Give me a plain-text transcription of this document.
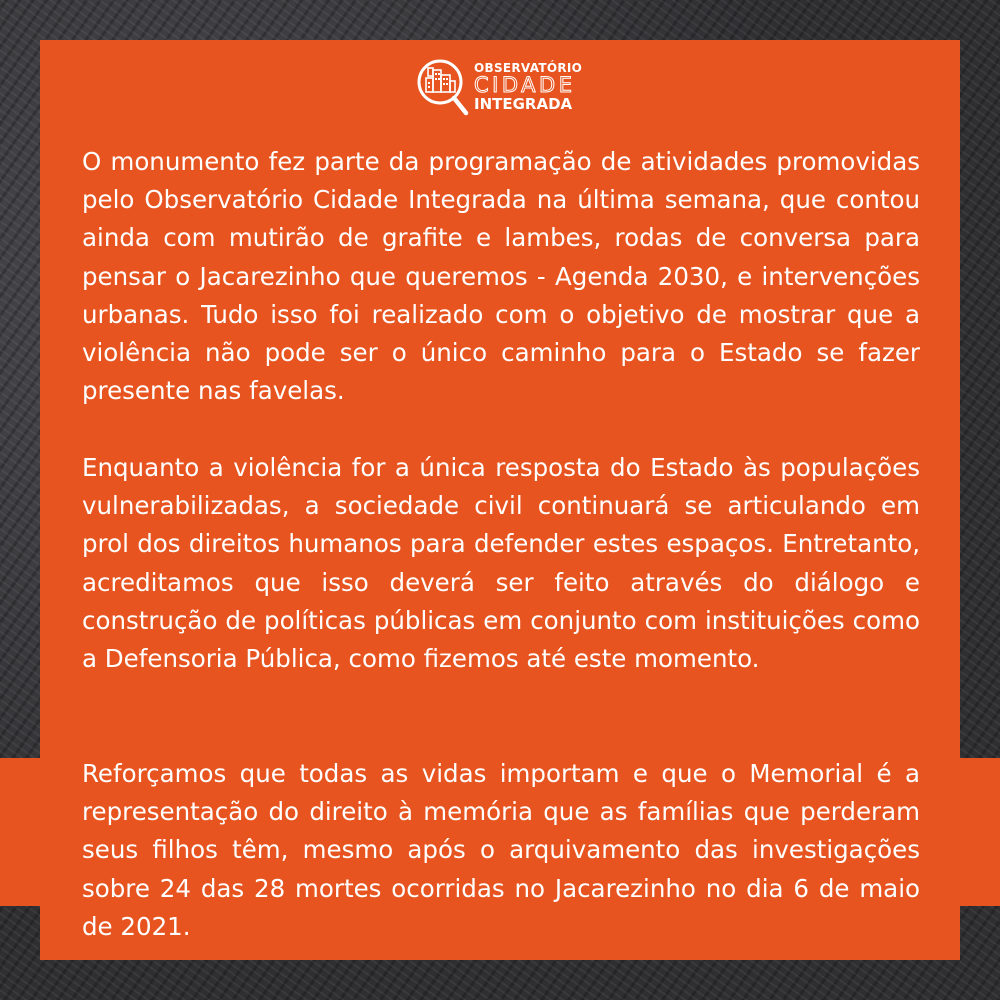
OBSERVATÓRIO
CIDADE
INTEGRADA

O monumento fez parte da programação de atividades promovidas pelo Observatório Cidade Integrada na última semana, que contou ainda com mutirão de grafite e lambes, rodas de conversa para pensar o Jacarezinho que queremos - Agenda 2030, e intervenções urbanas. Tudo isso foi realizado com o objetivo de mostrar que a violência não pode ser o único caminho para o Estado se fazer presente nas favelas.

Enquanto a violência for a única resposta do Estado às populações vulnerabilizadas, a sociedade civil continuará se articulando em prol dos direitos humanos para defender estes espaços. Entretanto, acreditamos que isso deverá ser feito através do diálogo e construção de políticas públicas em conjunto com instituições como a Defensoria Pública, como fizemos até este momento.

Reforçamos que todas as vidas importam e que o Memorial é a representação do direito à memória que as famílias que perderam seus filhos têm, mesmo após o arquivamento das investigações sobre 24 das 28 mortes ocorridas no Jacarezinho no dia 6 de maio de 2021.
